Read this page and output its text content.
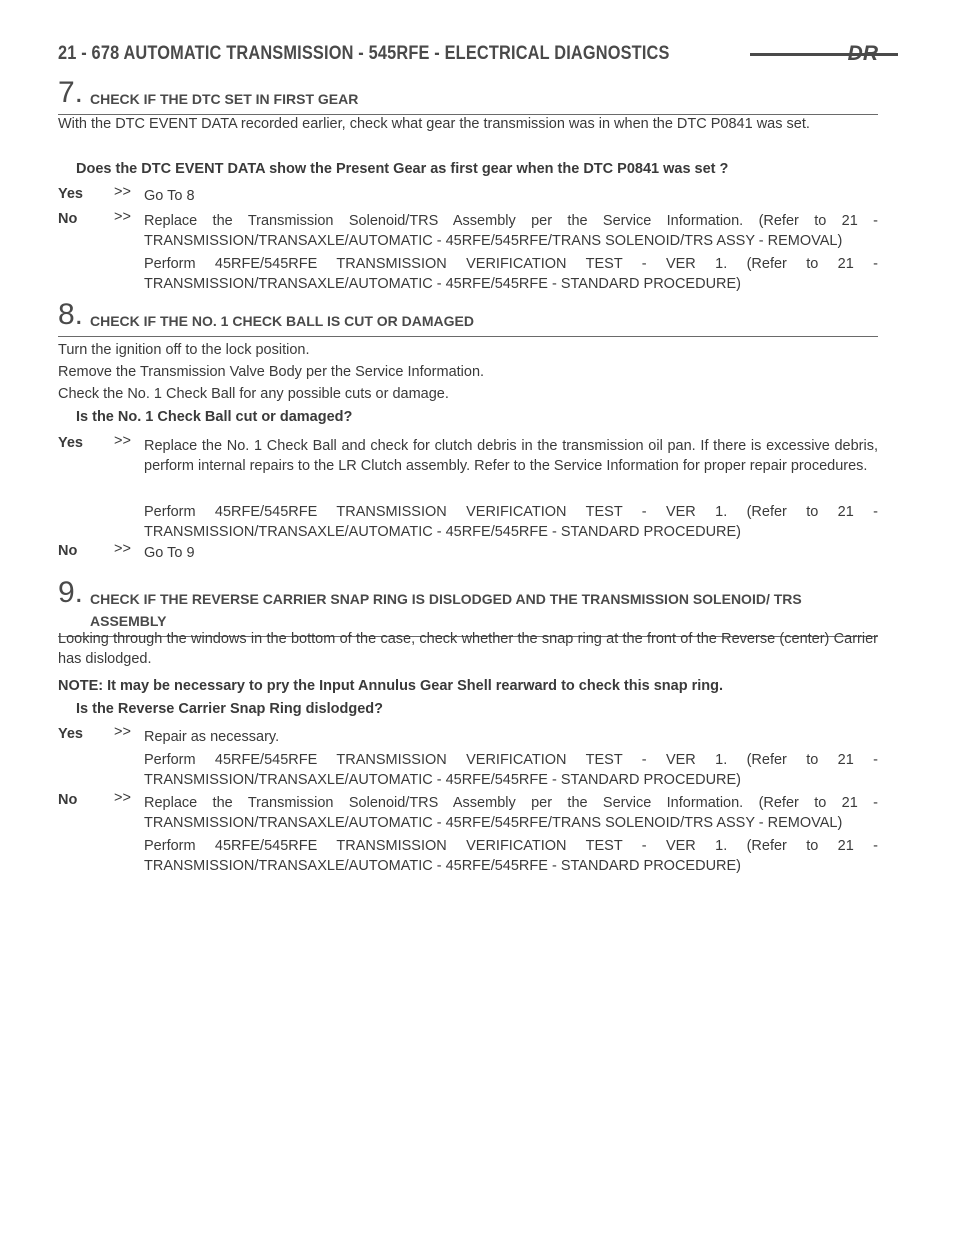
21 - 678 AUTOMATIC TRANSMISSION - 545RFE - ELECTRICAL DIAGNOSTICS	DR
7. CHECK IF THE DTC SET IN FIRST GEAR
With the DTC EVENT DATA recorded earlier, check what gear the transmission was in when the DTC P0841 was set.
Does the DTC EVENT DATA show the Present Gear as first gear when the DTC P0841 was set ?
Yes >> Go To 8
No	>> Replace the Transmission Solenoid/TRS Assembly per the Service Information. (Refer to 21 - TRANSMISSION/TRANSAXLE/AUTOMATIC - 45RFE/545RFE/TRANS SOLENOID/TRS ASSY - REMOVAL)
Perform 45RFE/545RFE TRANSMISSION VERIFICATION TEST - VER 1. (Refer to 21 - TRANSMISSION/TRANSAXLE/AUTOMATIC - 45RFE/545RFE - STANDARD PROCEDURE)
8. CHECK IF THE NO. 1 CHECK BALL IS CUT OR DAMAGED
Turn the ignition off to the lock position.
Remove the Transmission Valve Body per the Service Information.
Check the No. 1 Check Ball for any possible cuts or damage.
Is the No. 1 Check Ball cut or damaged?
Yes >> Replace the No. 1 Check Ball and check for clutch debris in the transmission oil pan. If there is excessive debris, perform internal repairs to the LR Clutch assembly. Refer to the Service Information for proper repair procedures.
Perform 45RFE/545RFE TRANSMISSION VERIFICATION TEST - VER 1. (Refer to 21 - TRANSMISSION/TRANSAXLE/AUTOMATIC - 45RFE/545RFE - STANDARD PROCEDURE)
No	>> Go To 9
9. CHECK IF THE REVERSE CARRIER SNAP RING IS DISLODGED AND THE TRANSMISSION SOLENOID/ TRS ASSEMBLY
Looking through the windows in the bottom of the case, check whether the snap ring at the front of the Reverse (center) Carrier has dislodged.
NOTE: It may be necessary to pry the Input Annulus Gear Shell rearward to check this snap ring.
Is the Reverse Carrier Snap Ring dislodged?
Yes >> Repair as necessary.
Perform 45RFE/545RFE TRANSMISSION VERIFICATION TEST - VER 1. (Refer to 21 - TRANSMISSION/TRANSAXLE/AUTOMATIC - 45RFE/545RFE - STANDARD PROCEDURE)
No	>> Replace the Transmission Solenoid/TRS Assembly per the Service Information. (Refer to 21 - TRANSMISSION/TRANSAXLE/AUTOMATIC - 45RFE/545RFE/TRANS SOLENOID/TRS ASSY - REMOVAL)
Perform 45RFE/545RFE TRANSMISSION VERIFICATION TEST - VER 1. (Refer to 21 - TRANSMISSION/TRANSAXLE/AUTOMATIC - 45RFE/545RFE - STANDARD PROCEDURE)
